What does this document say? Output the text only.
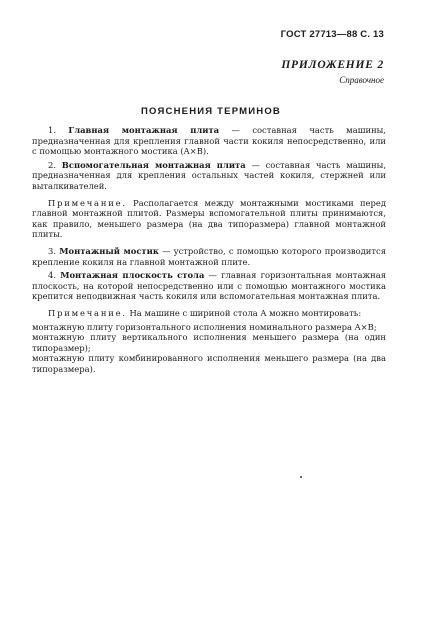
ГОСТ 27713—88 С. 13
ПРИЛОЖЕНИЕ 2
Справочное
ПОЯСНЕНИЯ ТЕРМИНОВ

1. Главная монтажная плита — составная часть машины, предназначенная для крепления главной части кокиля непосредственно, или с помощью монтажного мостика (A×B).

2. Вспомогательная монтажная плита — составная часть машины, предназначенная для крепления остальных частей кокиля, стержней или выталкивателей.

Примечание. Располагается между монтажными мостиками перед главной монтажной плитой. Размеры вспомогательной плиты принимаются, как правило, меньшего размера (на два типоразмера) главной монтажной плиты.

3. Монтажный мостик — устройство, с помощью которого производится крепление кокиля на главной монтажной плите.

4. Монтажная плоскость стола — главная горизонтальная монтажная плоскость, на которой непосредственно или с помощью монтажного мостика крепится неподвижная часть кокиля или вспомогательная монтажная плита.

Примечание. На машине с шириной стола A можно монтировать:

монтажную плиту горизонтального исполнения номинального размера A×B;

монтажную плиту вертикального исполнения меньшего размера (на один типоразмер);

монтажную плиту комбинированного исполнения меньшего размера (на два типоразмера).
